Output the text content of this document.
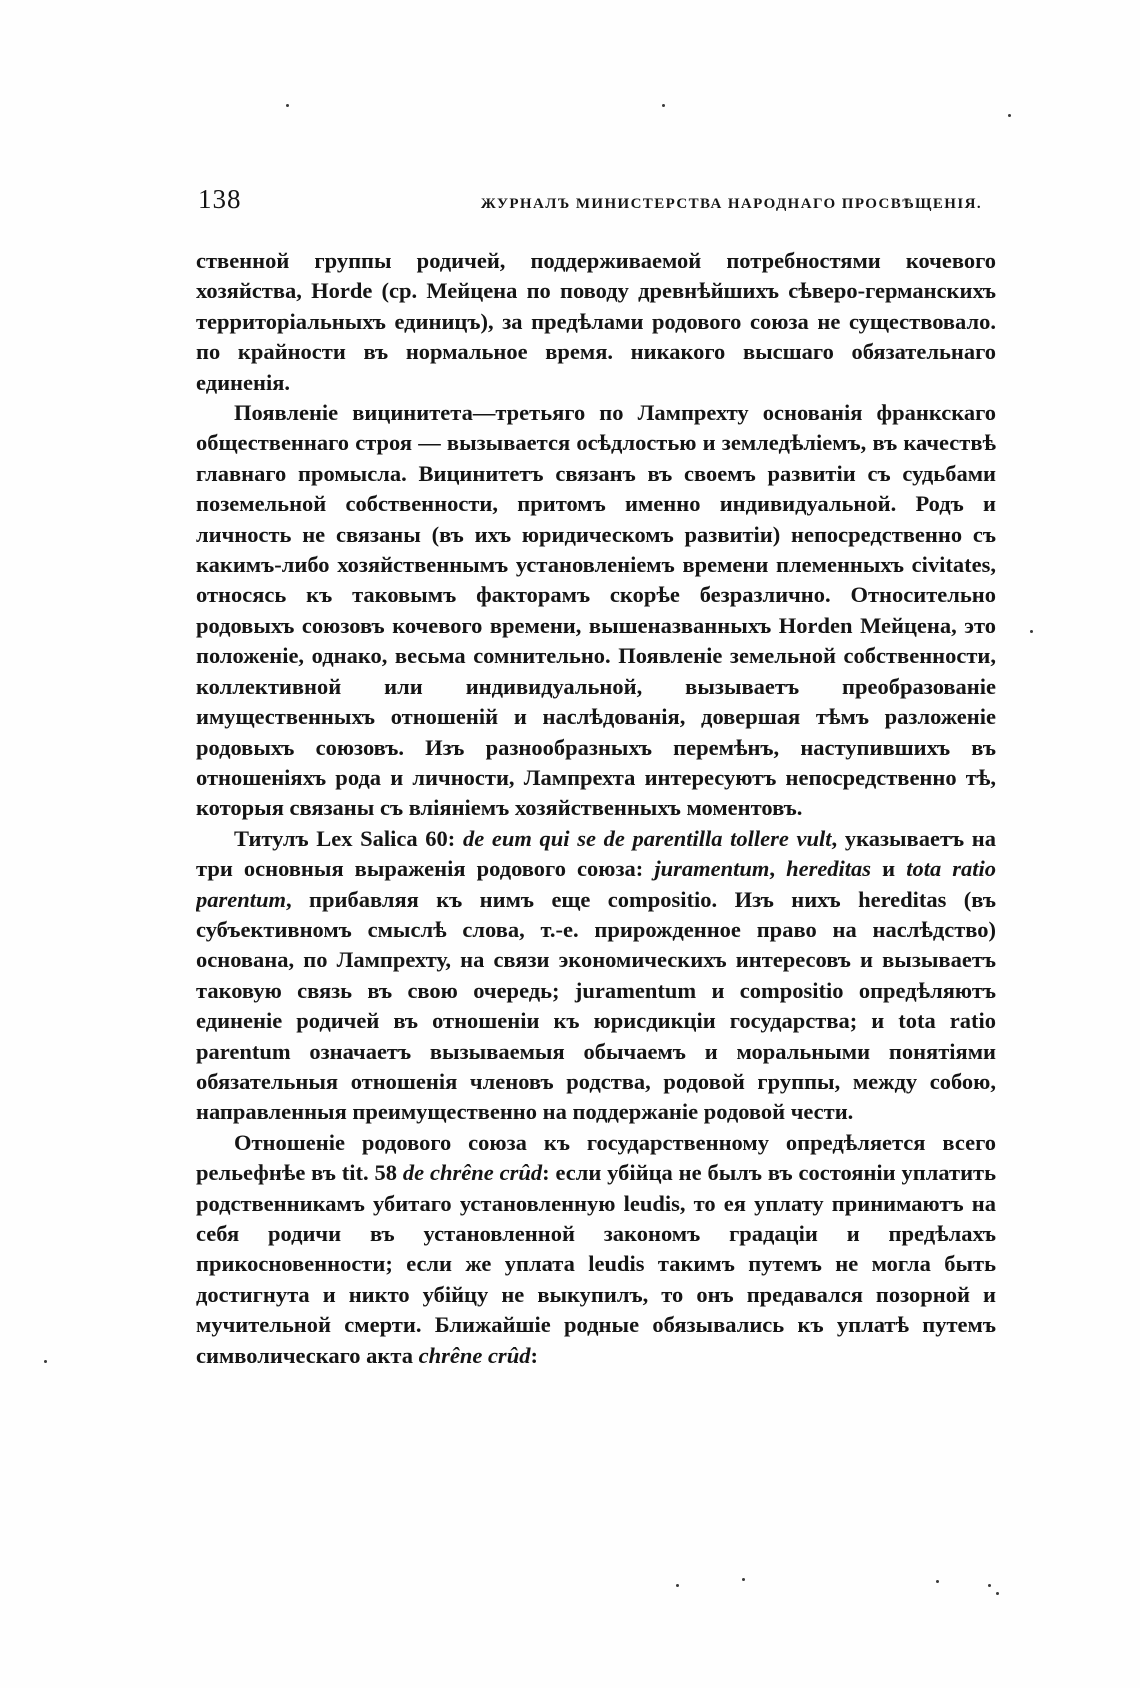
138	ЖУРНАЛЪ МИНИСТЕРСТВА НАРОДНАГО ПРОСВѢЩЕНІЯ.

ственной группы родичей, поддерживаемой потребностями кочевого хозяйства, Horde (ср. Мейцена по поводу древнѣйшихъ сѣверо-германскихъ территоріальныхъ единицъ), за предѣлами родового союза не существовало. по крайности въ нормальное время. никакого высшаго обязательнаго единенія.

Появленіе вицинитета—третьяго по Лампрехту основанія франкскаго общественнаго строя — вызывается осѣдлостью и земледѣліемъ, въ качествѣ главнаго промысла. Вицинитетъ связанъ въ своемъ развитіи съ судьбами поземельной собственности, притомъ именно индивидуальной. Родъ и личность не связаны (въ ихъ юридическомъ развитіи) непосредственно съ какимъ-либо хозяйственнымъ установленіемъ времени племенныхъ civitates, относясь къ таковымъ факторамъ скорѣе безразлично. Относительно родовыхъ союзовъ кочевого времени, вышеназванныхъ Horden Мейцена, это положеніе, однако, весьма сомнительно. Появленіе земельной собственности, коллективной или индивидуальной, вызываетъ преобразованіе имущественныхъ отношеній и наслѣдованія, довершая тѣмъ разложеніе родовыхъ союзовъ. Изъ разнообразныхъ перемѣнъ, наступившихъ въ отношеніяхъ рода и личности, Лампрехта интересуютъ непосредственно тѣ, которыя связаны съ вліяніемъ хозяйственныхъ моментовъ.

Титулъ Lex Salica 60: de eum qui se de parentilla tollere vult, указываетъ на три основныя выраженія родового союза: juramentum, hereditas и tota ratio parentum, прибавляя къ нимъ еще compositio. Изъ нихъ hereditas (въ субъективномъ смыслѣ слова, т.-е. прирожденное право на наслѣдство) основана, по Лампрехту, на связи экономическихъ интересовъ и вызываетъ таковую связь въ свою очередь; juramentum и compositio опредѣляютъ единеніе родичей въ отношеніи къ юрисдикціи государства; и tota ratio parentum означаетъ вызываемыя обычаемъ и моральными понятіями обязательныя отношенія членовъ родства, родовой группы, между собою, направленныя преимущественно на поддержаніе родовой чести.

Отношеніе родового союза къ государственному опредѣляется всего рельефнѣе въ tit. 58 de chrêne crûd: если убійца не былъ въ состояніи уплатить родственникамъ убитаго установленную leudis, то ея уплату принимаютъ на себя родичи въ установленной закономъ градаціи и предѣлахъ прикосновенности; если же уплата leudis такимъ путемъ не могла быть достигнута и никто убійцу не выкупилъ, то онъ предавался позорной и мучительной смерти. Ближайшіе родные обязывались къ уплатѣ путемъ символическаго акта chrêne crûd:
